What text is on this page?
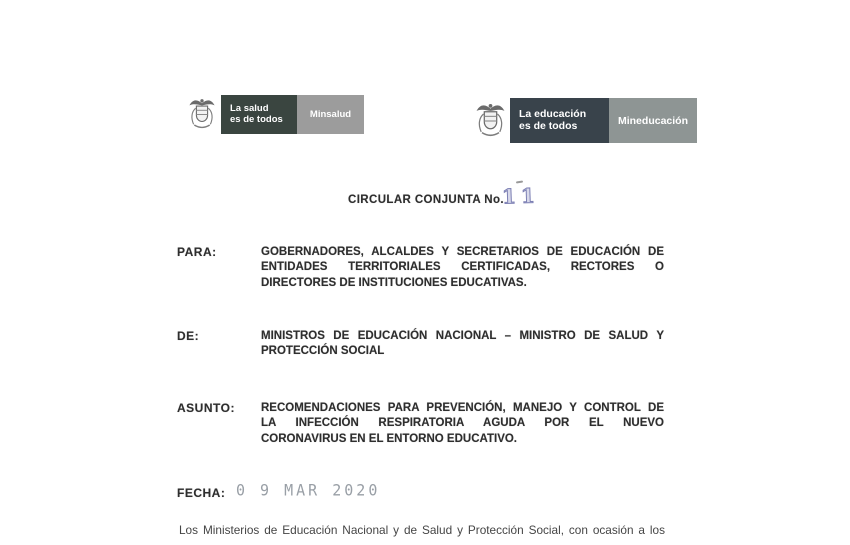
La salud
es de todos	Minsalud	La educación
es de todos	Mineducación
CIRCULAR CONJUNTA No.
11
PARA:	GOBERNADORES, ALCALDES Y SECRETARIOS DE EDUCACIÓN DE
ENTIDADES TERRITORIALES CERTIFICADAS, RECTORES O
DIRECTORES DE INSTITUCIONES EDUCATIVAS.
DE:	MINISTROS DE EDUCACIÓN NACIONAL – MINISTRO DE SALUD Y
PROTECCIÓN SOCIAL
ASUNTO: RECOMENDACIONES PARA PREVENCIÓN, MANEJO Y CONTROL DE
LA INFECCIÓN RESPIRATORIA AGUDA POR EL NUEVO
CORONAVIRUS EN EL ENTORNO EDUCATIVO.
FECHA: 0 9 MAR 2020
Los Ministerios de Educación Nacional y de Salud y Protección Social, con ocasión a los
